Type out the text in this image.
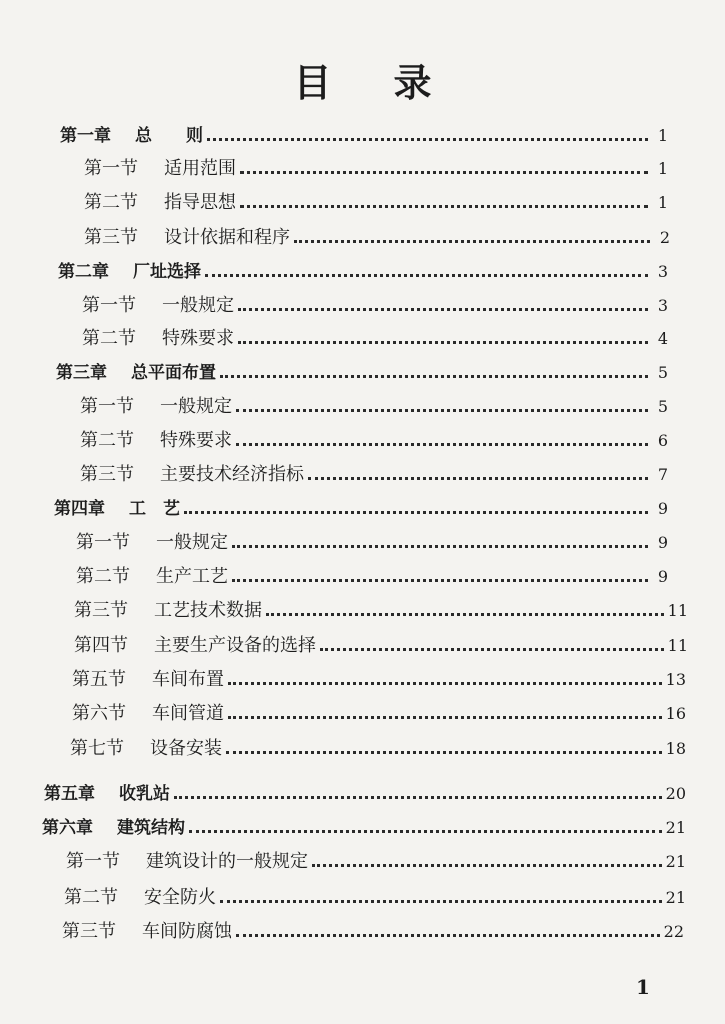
目录
第一章 总　　则	1
第一节 适用范围	1
第二节 指导思想	1
第三节 设计依据和程序	2
第二章 厂址选择	3
第一节 一般规定	3
第二节 特殊要求	4
第三章 总平面布置	5
第一节 一般规定	5
第二节 特殊要求	6
第三节 主要技术经济指标	7
第四章 工　艺	9
第一节 一般规定	9
第二节 生产工艺	9
第三节 工艺技术数据	11
第四节 主要生产设备的选择	11
第五节 车间布置	13
第六节 车间管道	16
第七节 设备安装	18
第五章 收乳站	20
第六章 建筑结构	21
第一节 建筑设计的一般规定	21
第二节 安全防火	21
第三节 车间防腐蚀	22
1
